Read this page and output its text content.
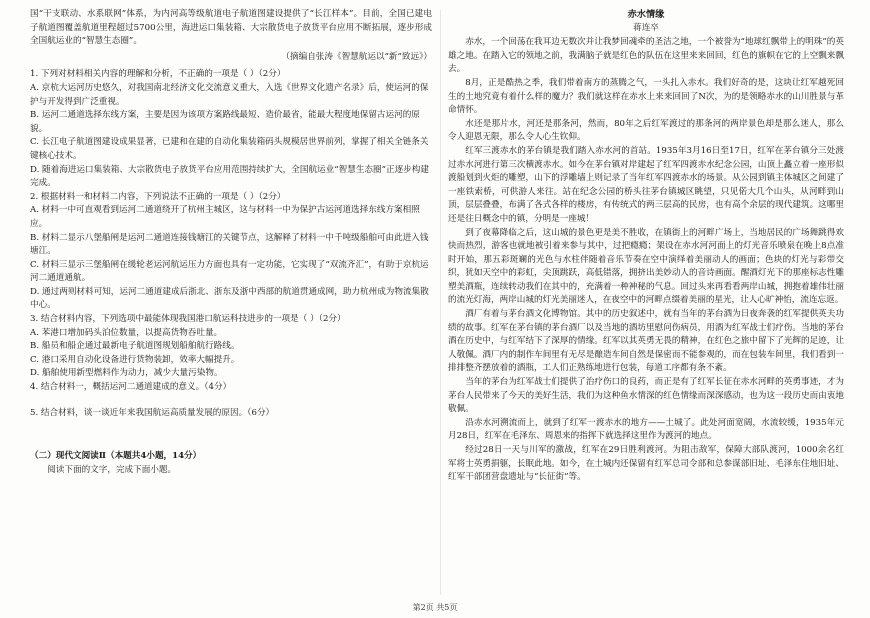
国“干支联动、水系联网”体系，为内河高等级航道电子航道图建设提供了“长江样本”。目前，全国已建电子航道图覆盖航道里程超过5700公里，海进运口集装箱、大宗散货电子放货平台应用不断拓展，逐步形成全国航运业的“智慧生态圈”。

（摘编自张涛《智慧航运以“新”致远》）

1. 下列对材料相关内容的理解和分析，不正确的一项是（ ）（2分）

A. 京杭大运河历史悠久，对我国南北经济文化交流意义重大，入选《世界文化遗产名录》后，使运河的保护与开发得到广泛重视。

B. 运河二通道选择东线方案，主要是因为该项方案路线最短、造价最省，能最大程度地保留古运河的原貌。

C. 长江电子航道图建设成果显著，已建和在建的自动化集装箱码头规模居世界前列，掌握了相关全链条关键核心技术。

D. 随着海进运口集装箱、大宗散货电子放货平台应用范围持续扩大，全国航运业“智慧生态圈”正逐步构建完成。

2. 根据材料一和材料二内容，下列说法不正确的一项是（ ）（2分）

A. 材料一中可直观看到运河二通道绕开了杭州主城区，这与材料一中为保护古运河道选择东线方案相照应。

B. 材料二显示八堡船闸是运河二通道连接钱塘江的关键节点，这解释了材料一中千吨级船舶可由此进入钱塘江。

C. 材料三显示三堡船闸在缓轮老运河航运压力方面也具有一定功能，它实现了“双流齐汇”，有助于京杭运河二通道通航。

D. 通过两则材料可知，运河二通道建成后浙北、浙东及浙中西部的航道贯通成网，助力杭州成为物流集散中心。

3. 结合材料内容，下列选项中最能体现我国港口航运科技进步的一项是（ ）（2分）

A. 苯港口增加码头泊位数量，以提高货物吞吐量。

B. 船员和船企通过最新电子航道图规划船舶航行路线。

C. 港口采用自动化设备进行货物装卸，效率大幅提升。

D. 船舶使用新型燃料作为动力，减少大量污染物。

4. 结合材料一，概括运河二通道建成的意义。（4分）

5. 结合材料，谈一谈近年来我国航运高质量发展的原因。（6分）

（二）现代文阅读Ⅱ（本题共4小题，14分）

阅读下面的文字，完成下面小题。

赤水情缘

蒋连卒

赤水，一个回荡在我耳边无数次并让我梦回魂牵的圣洁之地，一个被誉为“地球红飘带上的明珠”的英雄之地。在踏入它的领地之前，我满脑子就是红色的队伍在这里来来回回，红色的旗帜在它的上空飘来飘去。

8月，正是酷热之季，我们带着南方的蒸腾之气，一头扎入赤水。我们好奇的是，这块让红军越死回生的土地究竟有着什么样的魔力？我们就这样在赤水上来来回回了N次，为的是领略赤水的山川胜景与革命情怀。

水还是那片水，河还是那条河，然而，80年之后红军渡过的那条河的两岸景色却是那么迷人，那么令人迎恩无限，那么令人心生钦仰。

红军三渡赤水的茅台镇是我们踏入赤水河的首站。1935年3月16日至17日，红军在茅台镇分三处渡过赤水河进行第三次横渡赤水。如今在茅台镇对岸建起了红军四渡赤水纪念公园，山顶上矗立着一座形似渡船划到火炬的雕塑，山下的浮雕墙上则记录了当年红军四渡赤水的场景。从公园到镇主体城区之间建了一座铁索桥，可供游人来往。站在纪念公园的桥头往茅台镇城区眺望，只见偌大几个山头，从河畔到山顶，层层叠叠，布满了各式各样的楼房，有传统式的两三层高的民房，也有高个余层的现代建筑。这哪里还是往日概念中的镇，分明是一座城！

到了夜幕降临之后，这山城的景色更是美不胜收，在镇街上的河畔广场上，当地居民的广场舞跳得欢快而热烈，游客也就地被引着来参与其中，过把瘾瘾；架设在赤水河河面上的灯光音乐喷泉在晚上8点准时开始，那五彩斑斓的光色与水柱伴随着音乐节奏在空中演绎着美丽动人的画面；色块的灯光与彩带交织，犹如天空中的彩虹，尖顶跳跃，高低错落，拥挤出美妙动人的音诗画面。醒酒灯光下的那座标志性雕塑美酒瓶，连续转动我们在其中的，充满着一种神秘的气息。回过头来再看看两岸山城，拥抱着雄伟壮丽的流光灯海，两岸山城的灯光美丽迷人，在夜空中的河畔点缀着美丽的星光，让人心旷神怡，流连忘返。

酒厂有着与茅台酒文化博物馆。其中的历史叙述中，就有当年的茅台酒为日夜奔袭的红军提供英夫功绩的故事。红军在茅台镇的茅台酒厂以及当地的酒坊里慰问伤病员，用酒为红军战士们疗伤。当地的茅台酒在历史中，与红军结下了深厚的情缘。红军以其英勇无畏的精神，在红色之旅中留下了光辉的足迹，让人敬佩。酒厂内的制作车间里有无尽是酿造车间自然是保密而不能参观的，而在包装车间里，我们看到一排排整齐摆放着的酒瓶，工人们正熟练地进行包装，每道工序都有条不紊。

当年的茅台为红军战士们提供了治疗伤口的良药，而正是有了红军长征在赤水河畔的英勇事迹，才为茅台人民带来了今天的美好生活，我们为这种鱼水情深的红色情缘而深深感动，也为这一段历史而由衷地敬佩。

沿赤水河溯流而上，就到了红军一渡赤水的地方——土城了。此处河面宽阔，水流较缓，1935年元月28日，红军在毛泽东、周恩来的指挥下就选择这里作为渡河的地点。

经过28日一天与川军的激战，红军在29日胜利渡河。为阻击敌军，保障大部队渡河，1000余名红军将士英勇捐躯，长眠此地。如今，在土城内还保留有红军总司令部和总参谋部旧址、毛泽东住地旧址、红军干部团营盘遗址与“长征街”等。

第2页 共5页
